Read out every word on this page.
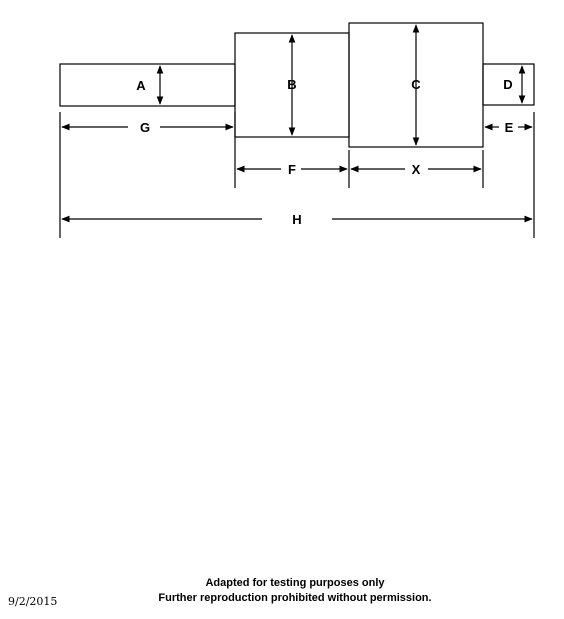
A	B	C	D
G	E
F	X
H
Adapted for testing purposes only
Further reproduction prohibited without permission.
9/2/2015
